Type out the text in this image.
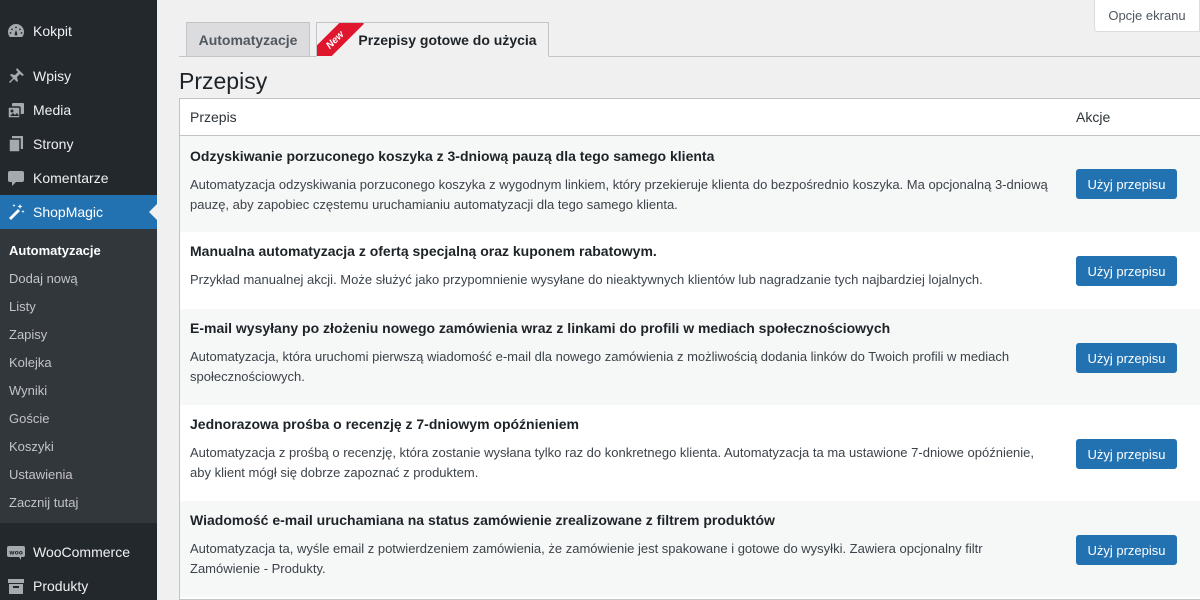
Kokpit
Wpisy
Media
Strony
Komentarze
ShopMagic
Automatyzacje
Dodaj nową
Listy
Zapisy
Kolejka
Wyniki
Goście
Koszyki
Ustawienia
Zacznij tutaj
woo WooCommerce
Produkty
Opcje ekranu
Automatyzacje	New Przepisy gotowe do użycia
Przepisy
Przepis	Akcje
Odzyskiwanie porzuconego koszyka z 3-dniową pauzą dla tego samego klienta
Automatyzacja odzyskiwania porzuconego koszyka z wygodnym linkiem, który przekieruje klienta do bezpośrednio koszyka. Ma opcjonalną 3-dniową pauzę, aby zapobiec częstemu uruchamianiu automatyzacji dla tego samego klienta.
Użyj przepisu
Manualna automatyzacja z ofertą specjalną oraz kuponem rabatowym.
Przykład manualnej akcji. Może służyć jako przypomnienie wysyłane do nieaktywnych klientów lub nagradzanie tych najbardziej lojalnych.
Użyj przepisu
E-mail wysyłany po złożeniu nowego zamówienia wraz z linkami do profili w mediach społecznościowych
Automatyzacja, która uruchomi pierwszą wiadomość e-mail dla nowego zamówienia z możliwością dodania linków do Twoich profili w mediach społecznościowych.
Użyj przepisu
Jednorazowa prośba o recenzję z 7-dniowym opóźnieniem
Automatyzacja z prośbą o recenzję, która zostanie wysłana tylko raz do konkretnego klienta. Automatyzacja ta ma ustawione 7-dniowe opóźnienie, aby klient mógł się dobrze zapoznać z produktem.
Użyj przepisu
Wiadomość e-mail uruchamiana na status zamówienie zrealizowane z filtrem produktów
Automatyzacja ta, wyśle email z potwierdzeniem zamówienia, że zamówienie jest spakowane i gotowe do wysyłki. Zawiera opcjonalny filtr Zamówienie - Produkty.
Użyj przepisu
